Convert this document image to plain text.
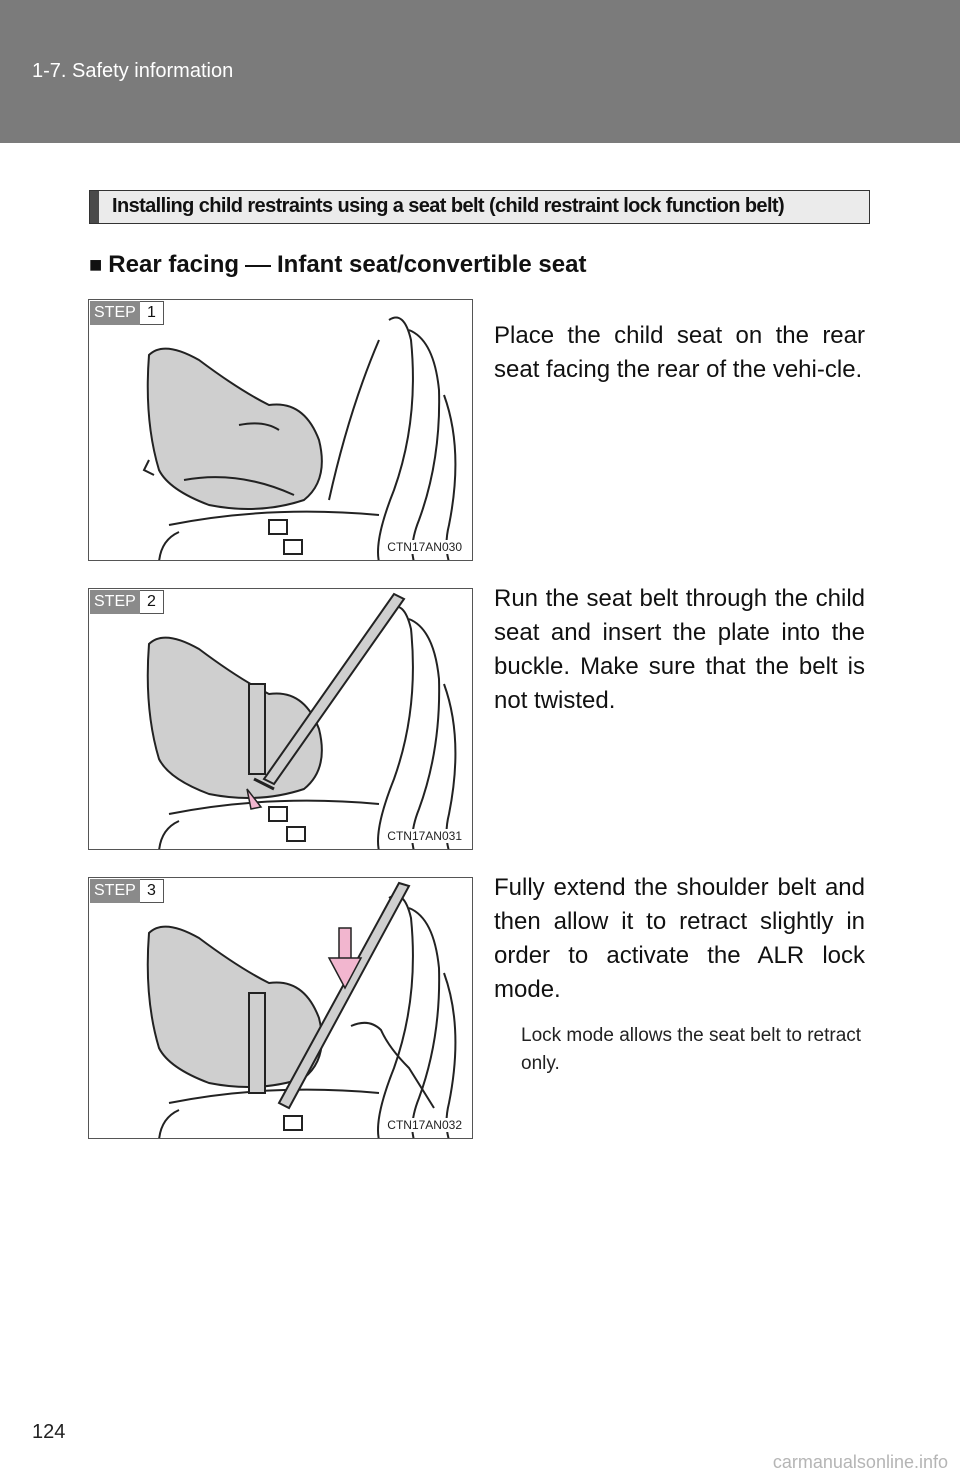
1-7. Safety information
Installing child restraints using a seat belt (child restraint lock function belt)
■ Rear facing Infant seat/convertible seat
STEP 1
CTN17AN030
Place the child seat on the rear seat facing the rear of the vehi-cle.
STEP 2
CTN17AN031
Run the seat belt through the child seat and insert the plate into the buckle. Make sure that the belt is not twisted.
STEP 3
CTN17AN032
Fully extend the shoulder belt and then allow it to retract slightly in order to activate the ALR lock mode.
Lock mode allows the seat belt to retract only.
124
carmanualsonline.info
